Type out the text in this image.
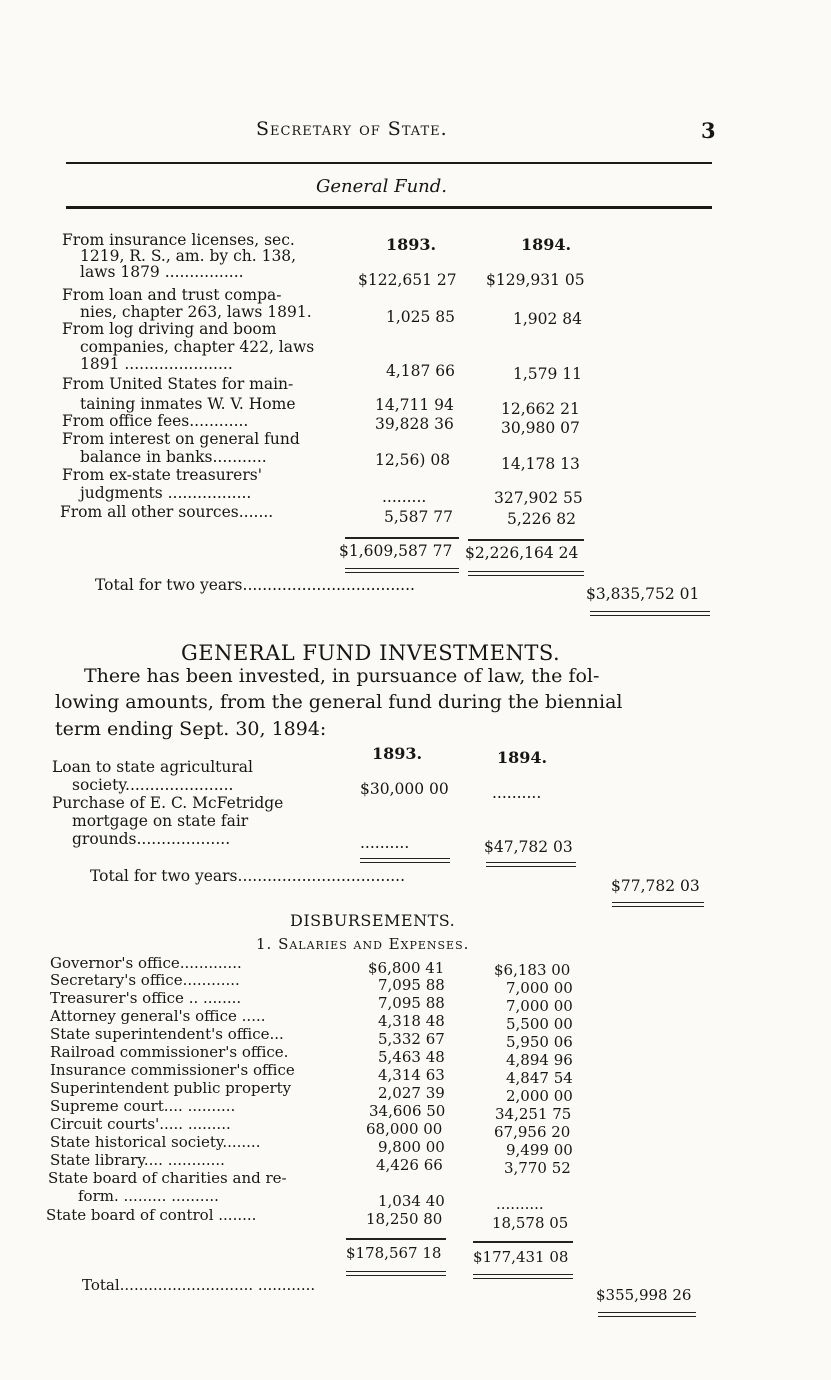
Secretary of State.	3
General Fund.
1893.	1894.
From insurance licenses, sec.
1219, R. S., am. by ch. 138,
laws 1879 ................	$122,651 27 $129,931 05
From loan and trust compa-
nies, chapter 263, laws 1891.	1,025 85	1,902 84
From log driving and boom
companies, chapter 422, laws
1891 ......................	4,187 66	1,579 11
From United States for main-
taining inmates W. V. Home	14,711 94	12,662 21
From office fees............	39,828 36	30,980 07
From interest on general fund
balance in banks...........	12,56) 08	14,178 13
From ex-state treasurers'
judgments .................	.........	327,902 55
From all other sources.......	5,587 77	5,226 82
$1,609,587 77 $2,226,164 24
Total for two years...................................	$3,835,752 01
GENERAL FUND INVESTMENTS.
There has been invested, in pursuance of law, the fol-
lowing amounts, from the general fund during the biennial
term ending Sept. 30, 1894:
1893.	1894.
Loan to state agricultural
society......................	$30,000 00	..........
Purchase of E. C. McFetridge
mortgage on state fair
grounds...................	..........	$47,782 03
Total for two years..................................
$77,782 03
DISBURSEMENTS.
1. Salaries and Expenses.
Governor's office.............	$6,800 41	$6,183 00
Secretary's office............	7,095 88	7,000 00
Treasurer's office .. ........	7,095 88	7,000 00
Attorney general's office .....	4,318 48	5,500 00
State superintendent's office...	5,332 67	5,950 06
Railroad commissioner's office.	5,463 48	4,894 96
Insurance commissioner's office	4,314 63	4,847 54
Superintendent public property	2,027 39	2,000 00
Supreme court.... ..........	34,606 50	34,251 75
Circuit courts'..... .........	68,000 00	67,956 20
State historical society........	9,800 00	9,499 00
State library.... ............	4,426 66	3,770 52
State board of charities and re-
form. ......... ..........	1,034 40	..........
State board of control ........	18,250 80	18,578 05
$178,567 18 $177,431 08
Total............................ ............
$355,998 26
